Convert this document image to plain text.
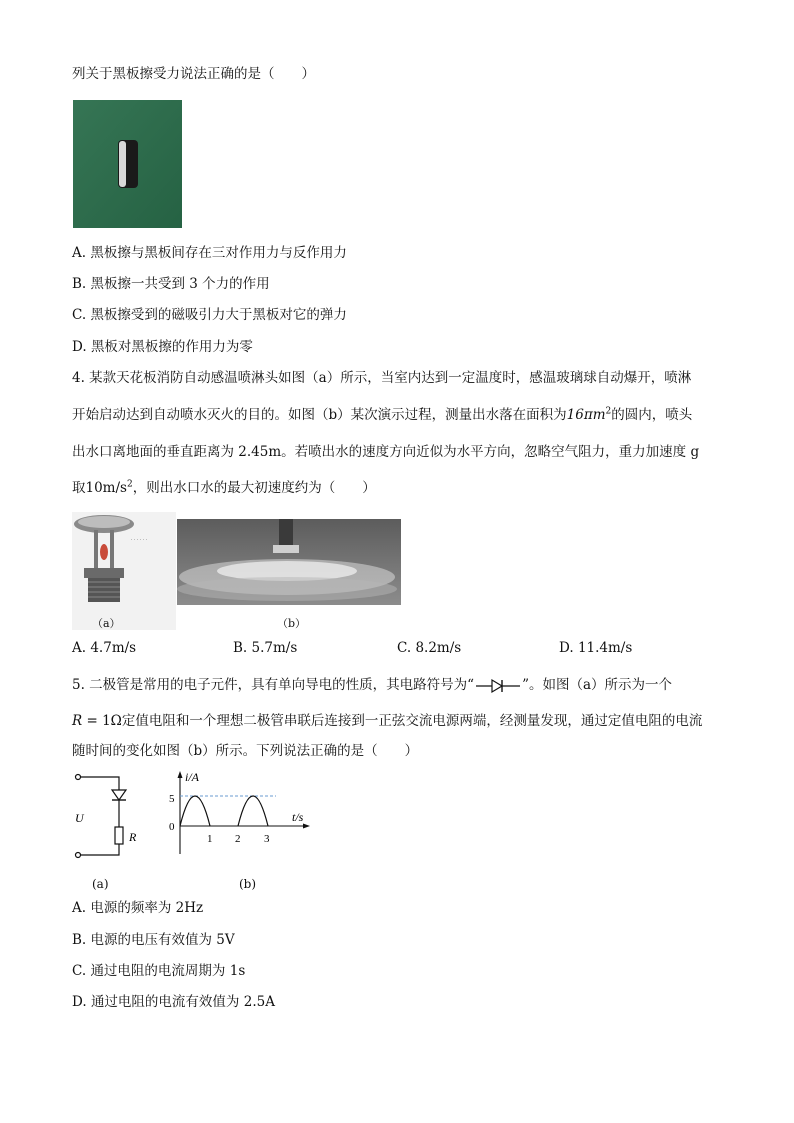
列关于黑板擦受力说法正确的是（　　）
A. 黑板擦与黑板间存在三对作用力与反作用力
B. 黑板擦一共受到 3 个力的作用
C. 黑板擦受到的磁吸引力大于黑板对它的弹力
D. 黑板对黑板擦的作用力为零
4. 某款天花板消防自动感温喷淋头如图（a）所示，当室内达到一定温度时，感温玻璃球自动爆开，喷淋
开始启动达到自动喷水灭火的目的。如图（b）某次演示过程，测量出水落在面积为$16\pi m^2$的圆内，喷头
出水口离地面的垂直距离为 2.45m。若喷出水的速度方向近似为水平方向，忽略空气阻力，重力加速度 g
取$10m/s^2$，则出水口水的最大初速度约为（　　）
⋯⋯
（a）	（b）
A. 4.7m/s	B. 5.7m/s	C. 8.2m/s	D. 11.4m/s
5. 二极管是常用的电子元件，具有单向导电的性质，其电路符号为“	”。如图（a）所示为一个
R = 1Ω定值电阻和一个理想二极管串联后连接到一正弦交流电源两端，经测量发现，通过定值电阻的电流
随时间的变化如图（b）所示。下列说法正确的是（　　）
U
R
(a)
i/A
t/s
5
0
1 2 3
(b)
A. 电源的频率为 2Hz
B. 电源的电压有效值为 5V
C. 通过电阻的电流周期为 1s
D. 通过电阻的电流有效值为 2.5A
